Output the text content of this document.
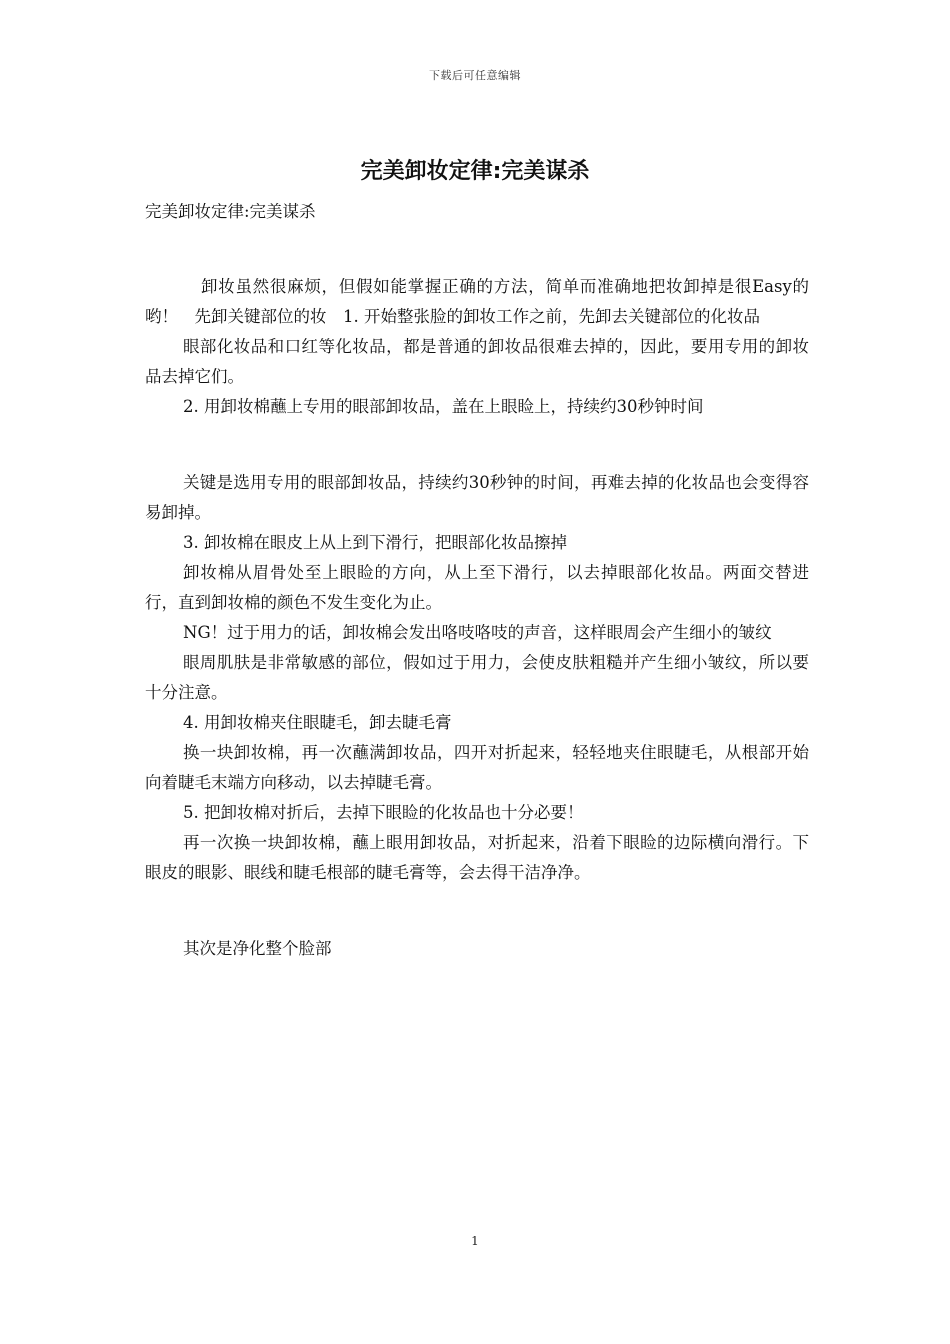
下载后可任意编辑
完美卸妆定律:完美谋杀

完美卸妆定律:完美谋杀

卸妆虽然很麻烦，但假如能掌握正确的方法，简单而准确地把妆卸掉是很Easy的哟！　先卸关键部位的妆　1. 开始整张脸的卸妆工作之前，先卸去关键部位的化妆品

眼部化妆品和口红等化妆品，都是普通的卸妆品很难去掉的，因此，要用专用的卸妆品去掉它们。

2. 用卸妆棉蘸上专用的眼部卸妆品，盖在上眼睑上，持续约30秒钟时间

关键是选用专用的眼部卸妆品，持续约30秒钟的时间，再难去掉的化妆品也会变得容易卸掉。

3. 卸妆棉在眼皮上从上到下滑行，把眼部化妆品擦掉

卸妆棉从眉骨处至上眼睑的方向，从上至下滑行，以去掉眼部化妆品。两面交替进行，直到卸妆棉的颜色不发生变化为止。

NG！过于用力的话，卸妆棉会发出咯吱咯吱的声音，这样眼周会产生细小的皱纹

眼周肌肤是非常敏感的部位，假如过于用力，会使皮肤粗糙并产生细小皱纹，所以要十分注意。

4. 用卸妆棉夹住眼睫毛，卸去睫毛膏

换一块卸妆棉，再一次蘸满卸妆品，四开对折起来，轻轻地夹住眼睫毛，从根部开始向着睫毛末端方向移动，以去掉睫毛膏。

5. 把卸妆棉对折后，去掉下眼睑的化妆品也十分必要！

再一次换一块卸妆棉，蘸上眼用卸妆品，对折起来，沿着下眼睑的边际横向滑行。下眼皮的眼影、眼线和睫毛根部的睫毛膏等，会去得干洁净净。

其次是净化整个脸部

1
